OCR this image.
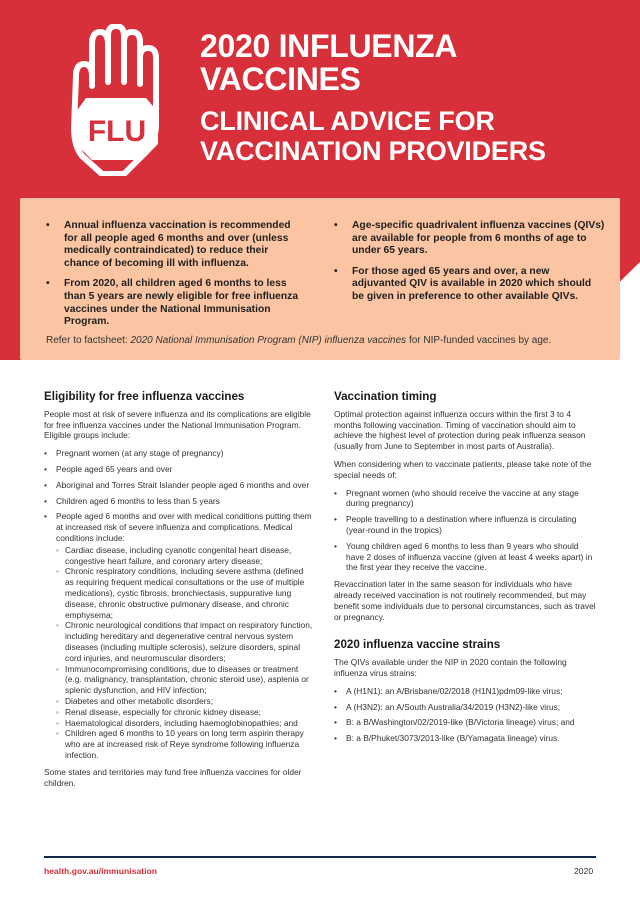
FLU
2020 INFLUENZA
VACCINES
CLINICAL ADVICE FOR
VACCINATION PROVIDERS
• Annual influenza vaccination is recommended for all people aged 6 months and over (unless medically contraindicated) to reduce their chance of becoming ill with influenza.
• From 2020, all children aged 6 months to less than 5 years are newly eligible for free influenza vaccines under the National Immunisation Program.
• Age-specific quadrivalent influenza vaccines (QIVs) are available for people from 6 months of age to under 65 years.
• For those aged 65 years and over, a new adjuvanted QIV is available in 2020 which should be given in preference to other available QIVs.
Refer to factsheet: 2020 National Immunisation Program (NIP) influenza vaccines for NIP-funded vaccines by age.
Eligibility for free influenza vaccines

People most at risk of severe influenza and its complications are eligible for free influenza vaccines under the National Immunisation Program. Eligible groups include:

• Pregnant women (at any stage of pregnancy)
• People aged 65 years and over
• Aboriginal and Torres Strait Islander people aged 6 months and over
• Children aged 6 months to less than 5 years
• People aged 6 months and over with medical conditions putting them at increased risk of severe influenza and complications. Medical conditions include:
◦ Cardiac disease, including cyanotic congenital heart disease, congestive heart failure, and coronary artery disease;
◦ Chronic respiratory conditions, including severe asthma (defined as requiring frequent medical consultations or the use of multiple medications), cystic fibrosis, bronchiectasis, suppurative lung disease, chronic obstructive pulmonary disease, and chronic emphysema;
◦ Chronic neurological conditions that impact on respiratory function, including hereditary and degenerative central nervous system diseases (including multiple sclerosis), seizure disorders, spinal cord injuries, and neuromuscular disorders;
◦ Immunocompromising conditions, due to diseases or treatment (e.g. malignancy, transplantation, chronic steroid use), asplenia or splenic dysfunction, and HIV infection;
◦ Diabetes and other metabolic disorders;
◦ Renal disease, especially for chronic kidney disease;
◦ Haematological disorders, including haemoglobinopathies; and
◦ Children aged 6 months to 10 years on long term aspirin therapy who are at increased risk of Reye syndrome following influenza infection.

Some states and territories may fund free influenza vaccines for older children.

Vaccination timing

Optimal protection against influenza occurs within the first 3 to 4 months following vaccination. Timing of vaccination should aim to achieve the highest level of protection during peak influenza season (usually from June to September in most parts of Australia).

When considering when to vaccinate patients, please take note of the special needs of:

• Pregnant women (who should receive the vaccine at any stage during pregnancy)
• People travelling to a destination where influenza is circulating (year-round in the tropics)
• Young children aged 6 months to less than 9 years who should have 2 doses of influenza vaccine (given at least 4 weeks apart) in the first year they receive the vaccine.

Revaccination later in the same season for individuals who have already received vaccination is not routinely recommended, but may benefit some individuals due to personal circumstances, such as travel or pregnancy.

2020 influenza vaccine strains

The QIVs available under the NIP in 2020 contain the following influenza virus strains:

• A (H1N1): an A/Brisbane/02/2018 (H1N1)pdm09-like virus;
• A (H3N2): an A/South Australia/34/2019 (H3N2)-like virus;
• B: a B/Washington/02/2019-like (B/Victoria lineage) virus; and
• B: a B/Phuket/3073/2013-like (B/Yamagata lineage) virus.
health.gov.au/immunisation	2020
